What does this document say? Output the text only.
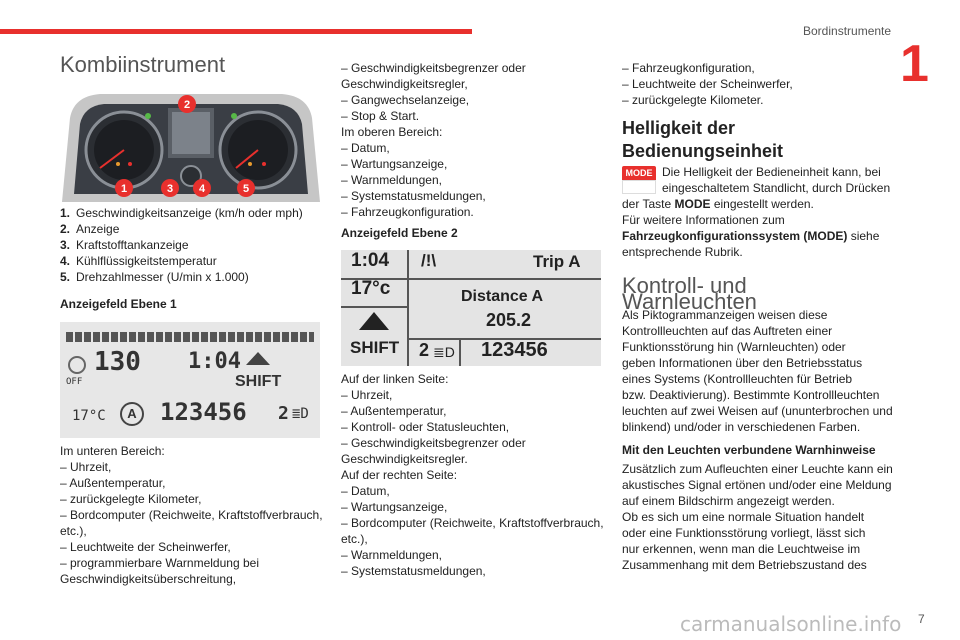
Bordinstrumente
1
Kombiinstrument
2
1	3 4	5
1. Geschwindigkeitsanzeige (km/h oder mph)
2. Anzeige
3. Kraftstofftankanzeige
4. Kühlflüssigkeitstemperatur
5. Drehzahlmesser (U/min x 1.000)
Anzeigefeld Ebene 1
OFF
130 1:04
SHIFT
17°C	A 123456 2 ≣D
Im unteren Bereich:
– Uhrzeit,
– Außentemperatur,
– zurückgelegte Kilometer,
– Bordcomputer (Reichweite, Kraftstoffverbrauch,
etc.),
– Leuchtweite der Scheinwerfer,
– programmierbare Warnmeldung bei
Geschwindigkeitsüberschreitung,
– Geschwindigkeitsbegrenzer oder
Geschwindigkeitsregler,
– Gangwechselanzeige,
– Stop & Start.
Im oberen Bereich:
– Datum,
– Wartungsanzeige,
– Warnmeldungen,
– Systemstatusmeldungen,
– Fahrzeugkonfiguration.
Anzeigefeld Ebene 2
1:04 /!\	Trip A
17°c	Distance A
205.2
SHIFT 2 ≣D 123456
Auf der linken Seite:
– Uhrzeit,
– Außentemperatur,
– Kontroll- oder Statusleuchten,
– Geschwindigkeitsbegrenzer oder
Geschwindigkeitsregler.
Auf der rechten Seite:
– Datum,
– Wartungsanzeige,
– Bordcomputer (Reichweite, Kraftstoffverbrauch,
etc.),
– Warnmeldungen,
– Systemstatusmeldungen,
– Fahrzeugkonfiguration,
– Leuchtweite der Scheinwerfer,
– zurückgelegte Kilometer.
Helligkeit der
Bedienungseinheit
MODE Die Helligkeit der Bedieneinheit kann, bei
eingeschaltetem Standlicht, durch Drücken
der Taste MODE eingestellt werden.
Für weitere Informationen zum
Fahrzeugkonfigurationssystem (MODE) siehe
entsprechende Rubrik.
Kontroll- und Warnleuchten
Als Piktogrammanzeigen weisen diese
Kontrollleuchten auf das Auftreten einer
Funktionsstörung hin (Warnleuchten) oder
geben Informationen über den Betriebsstatus
eines Systems (Kontrollleuchten für Betrieb
bzw. Deaktivierung). Bestimmte Kontrollleuchten
leuchten auf zwei Weisen auf (ununterbrochen und
blinkend) und/oder in verschiedenen Farben.
Mit den Leuchten verbundene Warnhinweise
Zusätzlich zum Aufleuchten einer Leuchte kann ein
akustisches Signal ertönen und/oder eine Meldung
auf einem Bildschirm angezeigt werden.
Ob es sich um eine normale Situation handelt
oder eine Funktionsstörung vorliegt, lässt sich
nur erkennen, wenn man die Leuchtweise im
Zusammenhang mit dem Betriebszustand des
carmanualsonline.info 7
